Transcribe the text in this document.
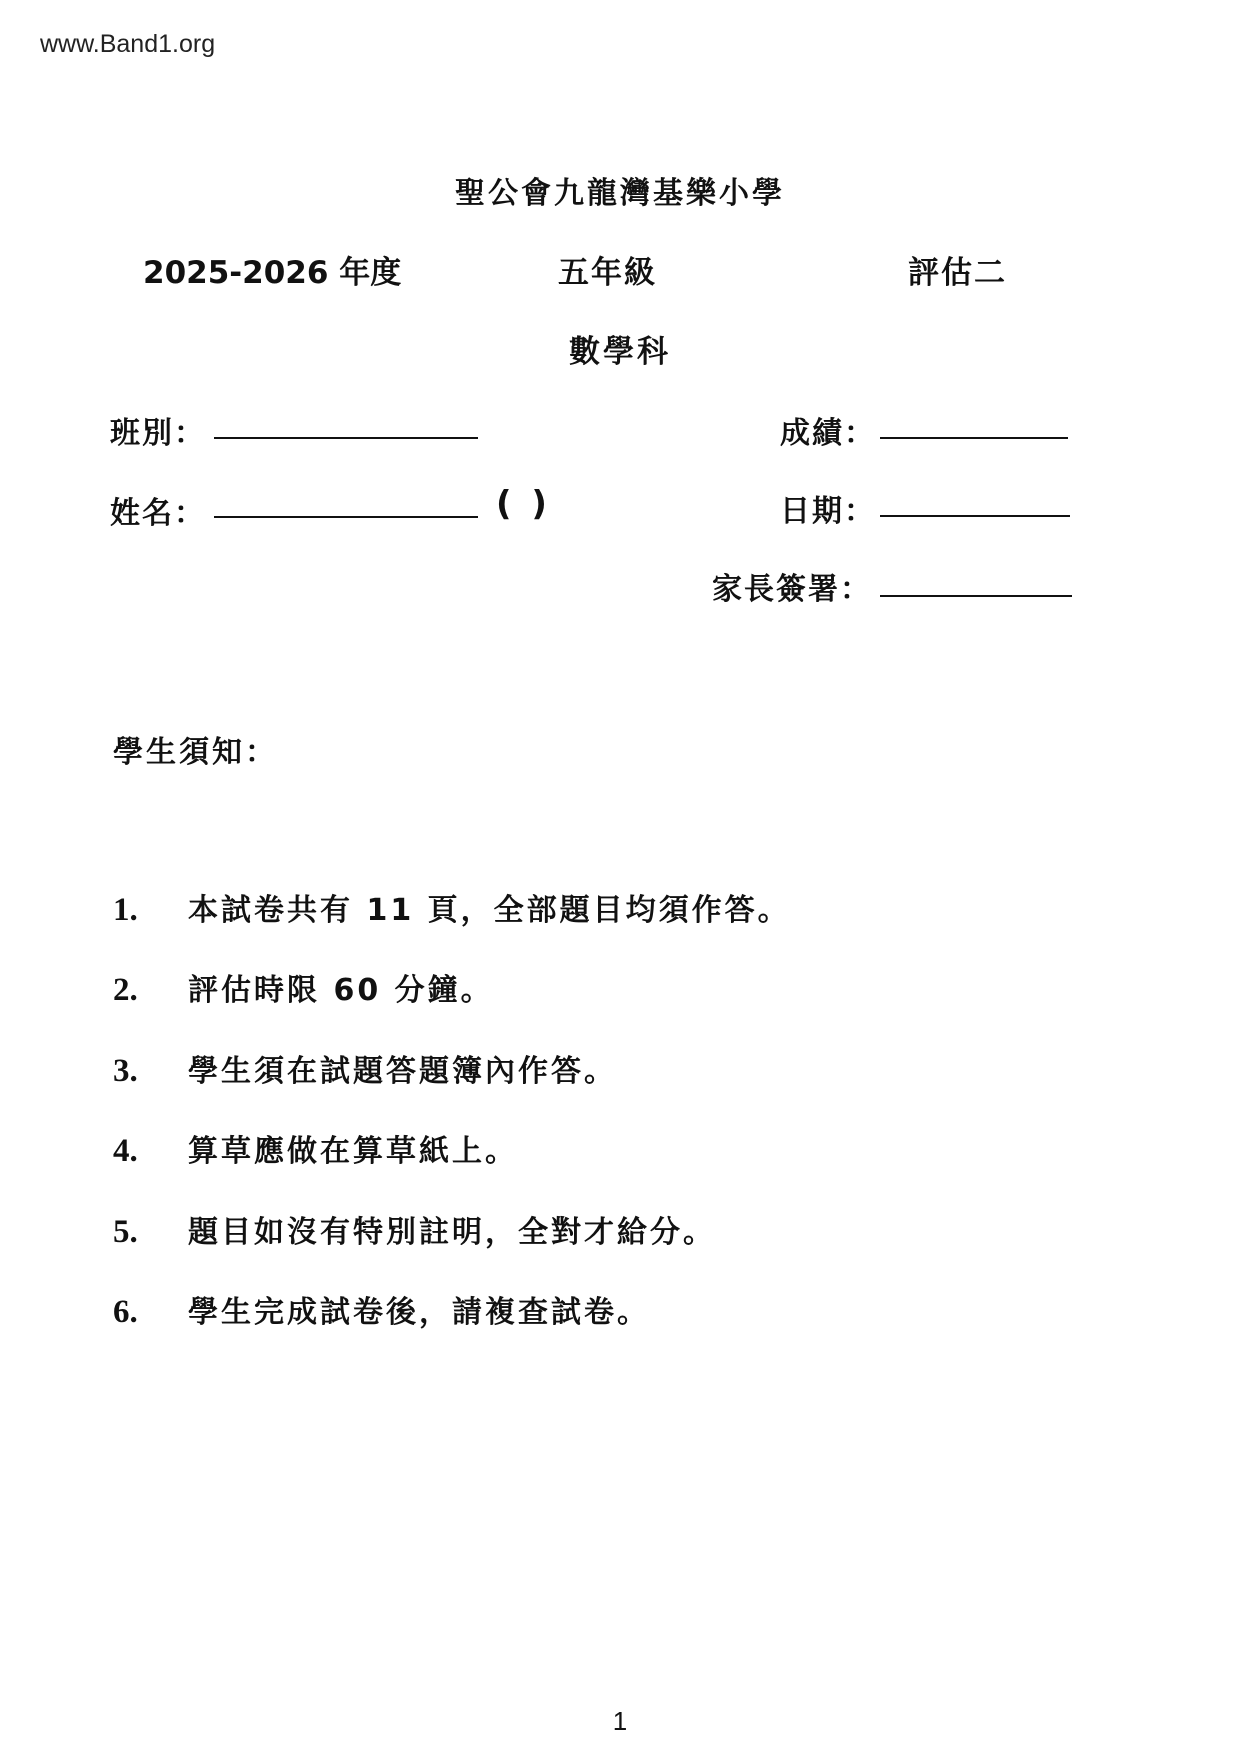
www.Band1.org
聖公會九龍灣基樂小學
2025-2026 年度	五年級	評估二
數學科
班別：	成績：
姓名：	( )	日期：
家長簽署：
學生須知：
1. 本試卷共有 11 頁，全部題目均須作答。
2. 評估時限 60 分鐘。
3. 學生須在試題答題簿內作答。
4. 算草應做在算草紙上。
5. 題目如沒有特別註明，全對才給分。
6. 學生完成試卷後，請複查試卷。
1
